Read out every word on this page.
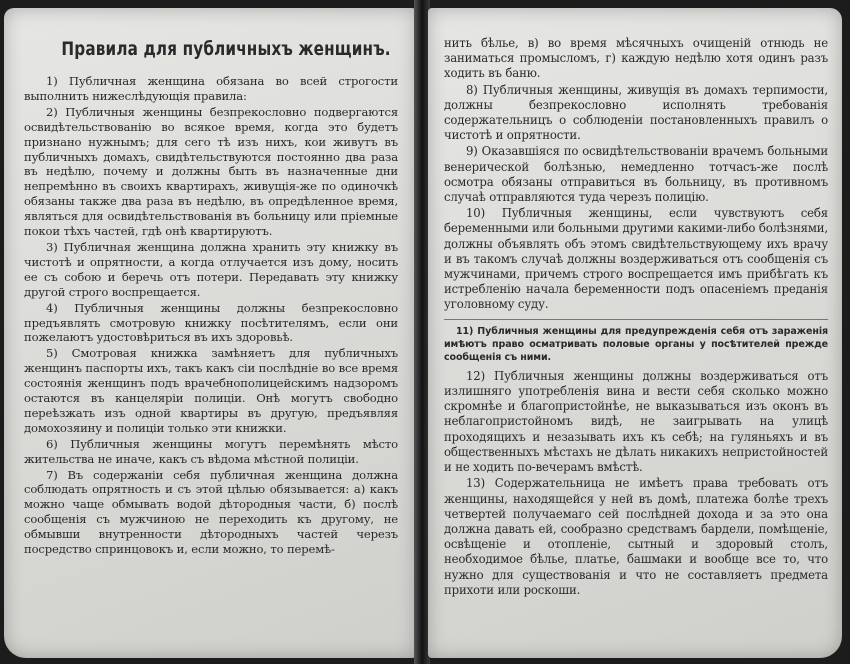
Правила для публичныхъ женщинъ.

1) Публичная женщина обязана во всей строгости выполнить нижеслѣдующія правила:

2) Публичныя женщины безпрекословно подвергаются освидѣтельствованію во всякое время, когда это будетъ признано нужнымъ; для сего тѣ изъ нихъ, кои живутъ въ публичныхъ домахъ, свидѣтельствуются постоянно два раза въ недѣлю, почему и должны быть въ назначенные дни непремѣнно въ своихъ квартирахъ, живущія-же по одиночкѣ обязаны также два раза въ недѣлю, въ опредѣленное время, являться для освидѣтельствованія въ больницу или пріемные покои тѣхъ частей, гдѣ онѣ квартируютъ.

3) Публичная женщина должна хранить эту книжку въ чистотѣ и опрятности, а когда отлучается изъ дому, носить ее съ собою и беречь отъ потери. Передавать эту книжку другой строго воспрещается.

4) Публичныя женщины должны безпрекословно предъявлять смотровую книжку посѣтителямъ, если они пожелаютъ удостовѣриться въ ихъ здоровьѣ.

5) Смотровая книжка замѣняетъ для публичныхъ женщинъ паспорты ихъ, такъ какъ сіи послѣдніе во все время состоянія женщинъ подъ врачебнополицейскимъ надзоромъ остаются въ канцеляріи полиціи. Онѣ могутъ свободно переѣзжать изъ одной квартиры въ другую, предъявляя домохозяину и полиціи только эти книжки.

6) Публичныя женщины могутъ перемѣнять мѣсто жительства не иначе, какъ съ вѣдома мѣстной полиціи.

7) Въ содержаніи себя публичная женщина должна соблюдать опрятность и съ этой цѣлью обязывается: а) какъ можно чаще обмывать водой дѣтородныя части, б) послѣ сообщенія съ мужчиною не переходить къ другому, не обмывши внутренности дѣтородныхъ частей черезъ посредство спринцовокъ и, если можно, то перемѣ-

нить бѣлье, в) во время мѣсячныхъ очищеній отнюдь не заниматься промысломъ, г) каждую недѣлю хотя одинъ разъ ходить въ баню.

8) Публичныя женщины, живущія въ домахъ терпимости, должны безпрекословно исполнять требованія содержательницъ о соблюденіи постановленныхъ правилъ о чистотѣ и опрятности.

9) Оказавшіяся по освидѣтельствованіи врачемъ больными венерической болѣзнью, немедленно тотчасъ-же послѣ осмотра обязаны отправиться въ больницу, въ противномъ случаѣ отправляются туда черезъ полицію.

10) Публичныя женщины, если чувствуютъ себя беременными или больными другими какими-либо болѣзнями, должны объявлять объ этомъ свидѣтельствующему ихъ врачу и въ такомъ случаѣ должны воздерживаться отъ сообщенія съ мужчинами, причемъ строго воспрещается имъ прибѣгать къ истребленію начала беременности подъ опасеніемъ преданія уголовному суду.

11) Публичныя женщины для предупрежденія себя отъ зараженія имѣютъ право осматривать половые органы у посѣтителей прежде сообщенія съ ними.

12) Публичныя женщины должны воздерживаться отъ излишняго употребленія вина и вести себя сколько можно скромнѣе и благопристойнѣе, не выказываться изъ оконъ въ неблагопристойномъ видѣ, не заигрывать на улицѣ проходящихъ и незазывать ихъ къ себѣ; на гуляньяхъ и въ общественныхъ мѣстахъ не дѣлать никакихъ непристойностей и не ходить по-вечерамъ вмѣстѣ.

13) Содержательница не имѣетъ права требовать отъ женщины, находящейся у ней въ домѣ, платежа болѣе трехъ четвертей получаемаго сей послѣдней дохода и за это она должна давать ей, сообразно средствамъ бардели, помѣщеніе, освѣщеніе и отопленіе, сытный и здоровый столъ, необходимое бѣлье, платье, башмаки и вообще все то, что нужно для существованія и что не составляетъ предмета прихоти или роскоши.
